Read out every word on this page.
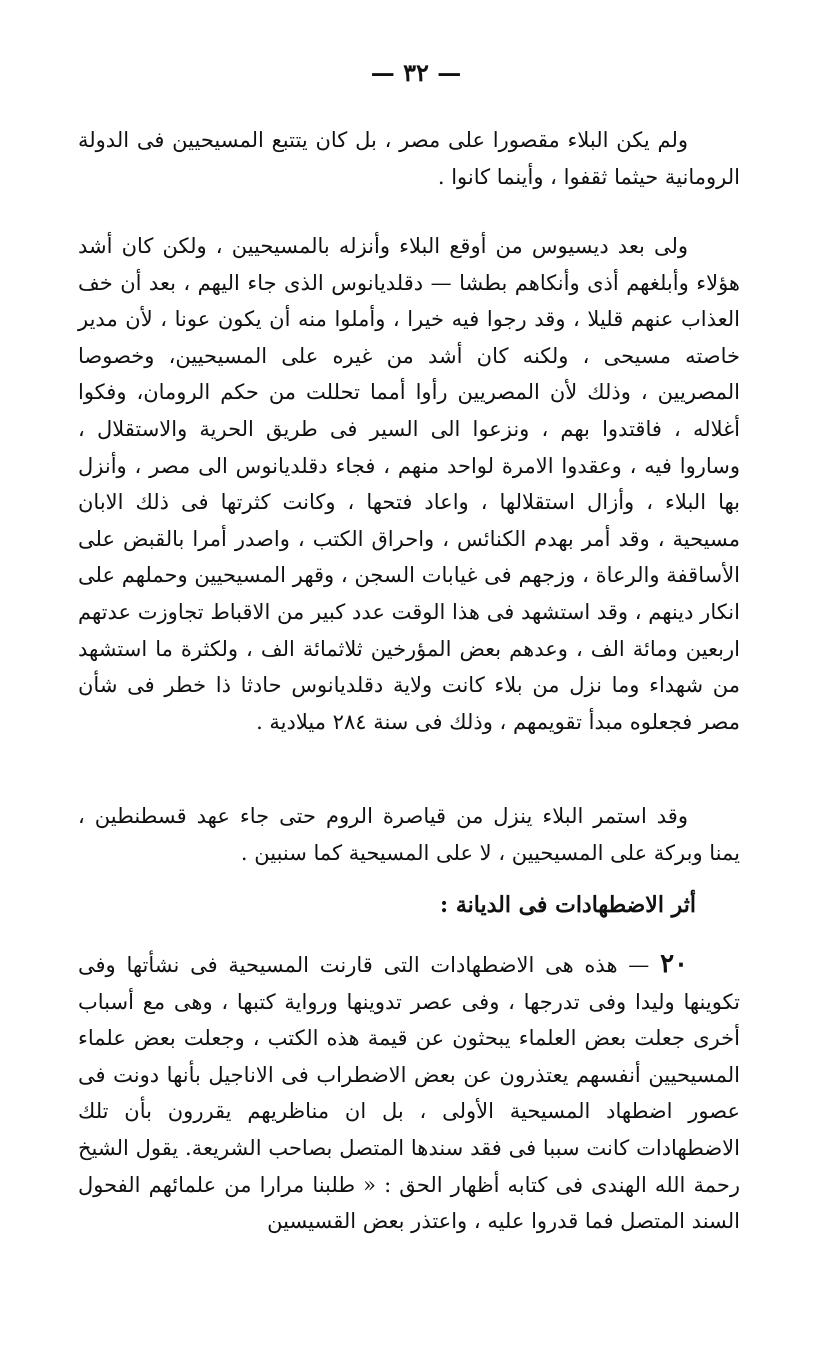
— ٣٢ —

ولم يكن البلاء مقصورا على مصر ، بل كان يتتبع المسيحيين فى الدولة الرومانية حيثما ثقفوا ، وأينما كانوا .

ولى بعد ديسيوس من أوقع البلاء وأنزله بالمسيحيين ، ولكن كان أشد هؤلاء وأبلغهم أذى وأنكاهم بطشا — دقلديانوس الذى جاء اليهم ، بعد أن خف العذاب عنهم قليلا ، وقد رجوا فيه خيرا ، وأملوا منه أن يكون عونا ، لأن مدير خاصته مسيحى ، ولكنه كان أشد من غيره على المسيحيين، وخصوصا المصريين ، وذلك لأن المصريين رأوا أمما تحللت من حكم الرومان، وفكوا أغلاله ، فاقتدوا بهم ، ونزعوا الى السير فى طريق الحرية والاستقلال ، وساروا فيه ، وعقدوا الامرة لواحد منهم ، فجاء دقلديانوس الى مصر ، وأنزل بها البلاء ، وأزال استقلالها ، واعاد فتحها ، وكانت كثرتها فى ذلك الابان مسيحية ، وقد أمر بهدم الكنائس ، واحراق الكتب ، واصدر أمرا بالقبض على الأساقفة والرعاة ، وزجهم فى غيابات السجن ، وقهر المسيحيين وحملهم على انكار دينهم ، وقد استشهد فى هذا الوقت عدد كبير من الاقباط تجاوزت عدتهم اربعين ومائة الف ، وعدهم بعض المؤرخين ثلاثمائة الف ، ولكثرة ما استشهد من شهداء وما نزل من بلاء كانت ولاية دقلديانوس حادثا ذا خطر فى شأن مصر فجعلوه مبدأ تقويمهم ، وذلك فى سنة ٢٨٤ ميلادية .

وقد استمر البلاء ينزل من قياصرة الروم حتى جاء عهد قسطنطين ، يمنا وبركة على المسيحيين ، لا على المسيحية كما سنبين .

أثر الاضطهادات فى الديانة :

٢٠ — هذه هى الاضطهادات التى قارنت المسيحية فى نشأتها وفى تكوينها وليدا وفى تدرجها ، وفى عصر تدوينها ورواية كتبها ، وهى مع أسباب أخرى جعلت بعض العلماء يبحثون عن قيمة هذه الكتب ، وجعلت بعض علماء المسيحيين أنفسهم يعتذرون عن بعض الاضطراب فى الاناجيل بأنها دونت فى عصور اضطهاد المسيحية الأولى ، بل ان مناظريهم يقررون بأن تلك الاضطهادات كانت سببا فى فقد سندها المتصل بصاحب الشريعة. يقول الشيخ رحمة الله الهندى فى كتابه أظهار الحق : « طلبنا مرارا من علمائهم الفحول السند المتصل فما قدروا عليه ، واعتذر بعض القسيسين
